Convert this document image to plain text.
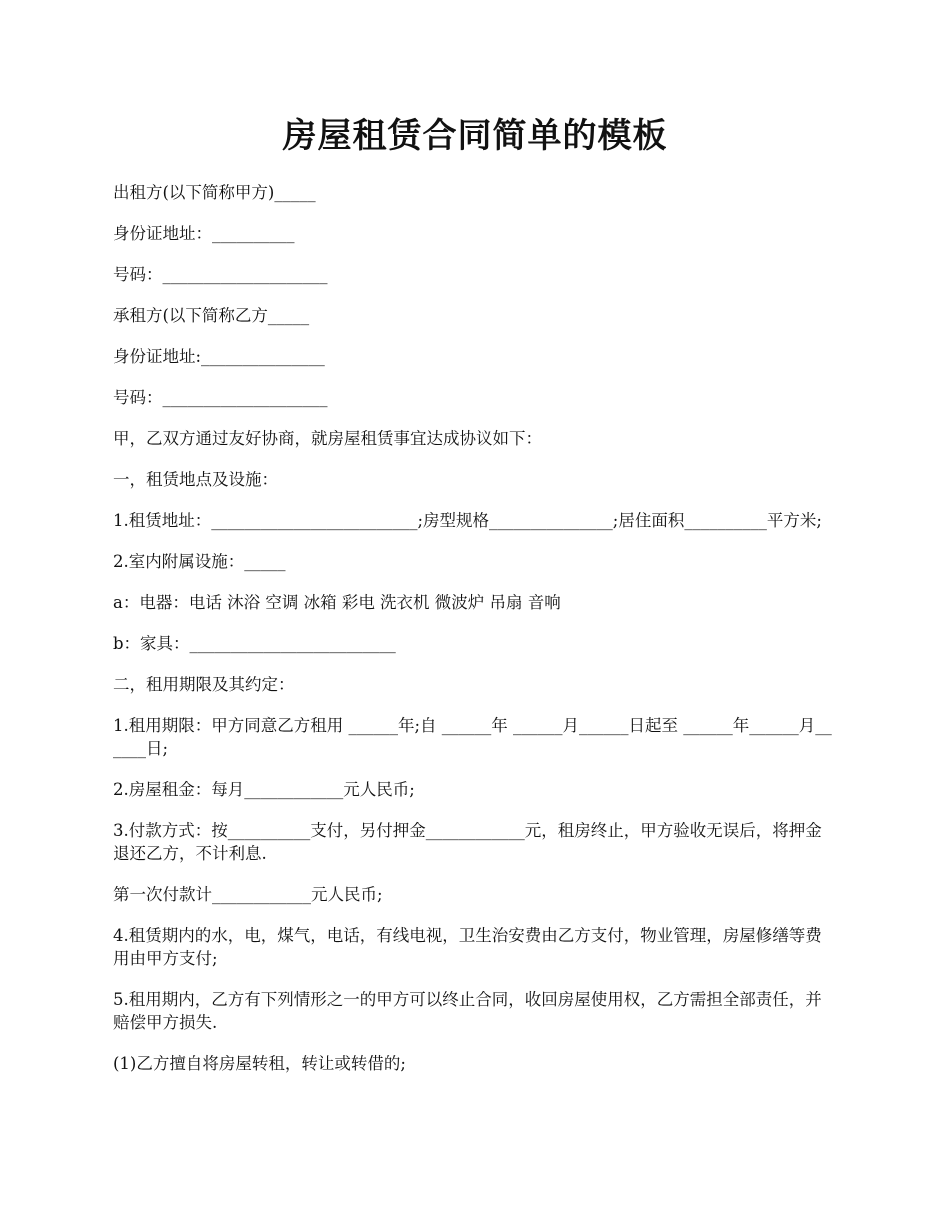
房屋租赁合同简单的模板

出租方(以下简称甲方)_____

身份证地址：__________

号码：____________________

承租方(以下简称乙方_____

身份证地址:_______________

号码：____________________

甲，乙双方通过友好协商，就房屋租赁事宜达成协议如下：

一，租赁地点及设施：

1.租赁地址：_________________________;房型规格_______________;居住面积__________平方米;

2.室内附属设施：_____

a：电器：电话 沐浴 空调 冰箱 彩电 洗衣机 微波炉 吊扇 音响

b：家具：_________________________

二，租用期限及其约定：

1.租用期限：甲方同意乙方租用 ______年;自 ______年 ______月______日起至 ______年______月______日;

2.房屋租金：每月____________元人民币;

3.付款方式：按__________支付，另付押金____________元，租房终止，甲方验收无误后，将押金退还乙方，不计利息.

第一次付款计____________元人民币;

4.租赁期内的水，电，煤气，电话，有线电视，卫生治安费由乙方支付，物业管理，房屋修缮等费用由甲方支付;

5.租用期内，乙方有下列情形之一的甲方可以终止合同，收回房屋使用权，乙方需担全部责任，并赔偿甲方损失.

(1)乙方擅自将房屋转租，转让或转借的;
